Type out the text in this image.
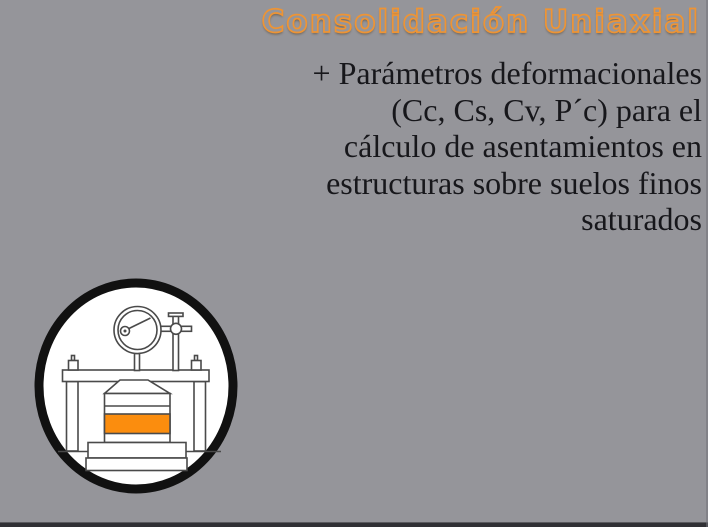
Consolidación Uniaxial
+ Parámetros deformacionales
(Cc, Cs, Cv, P´c) para el
cálculo de asentamientos en
estructuras sobre suelos finos
saturados
